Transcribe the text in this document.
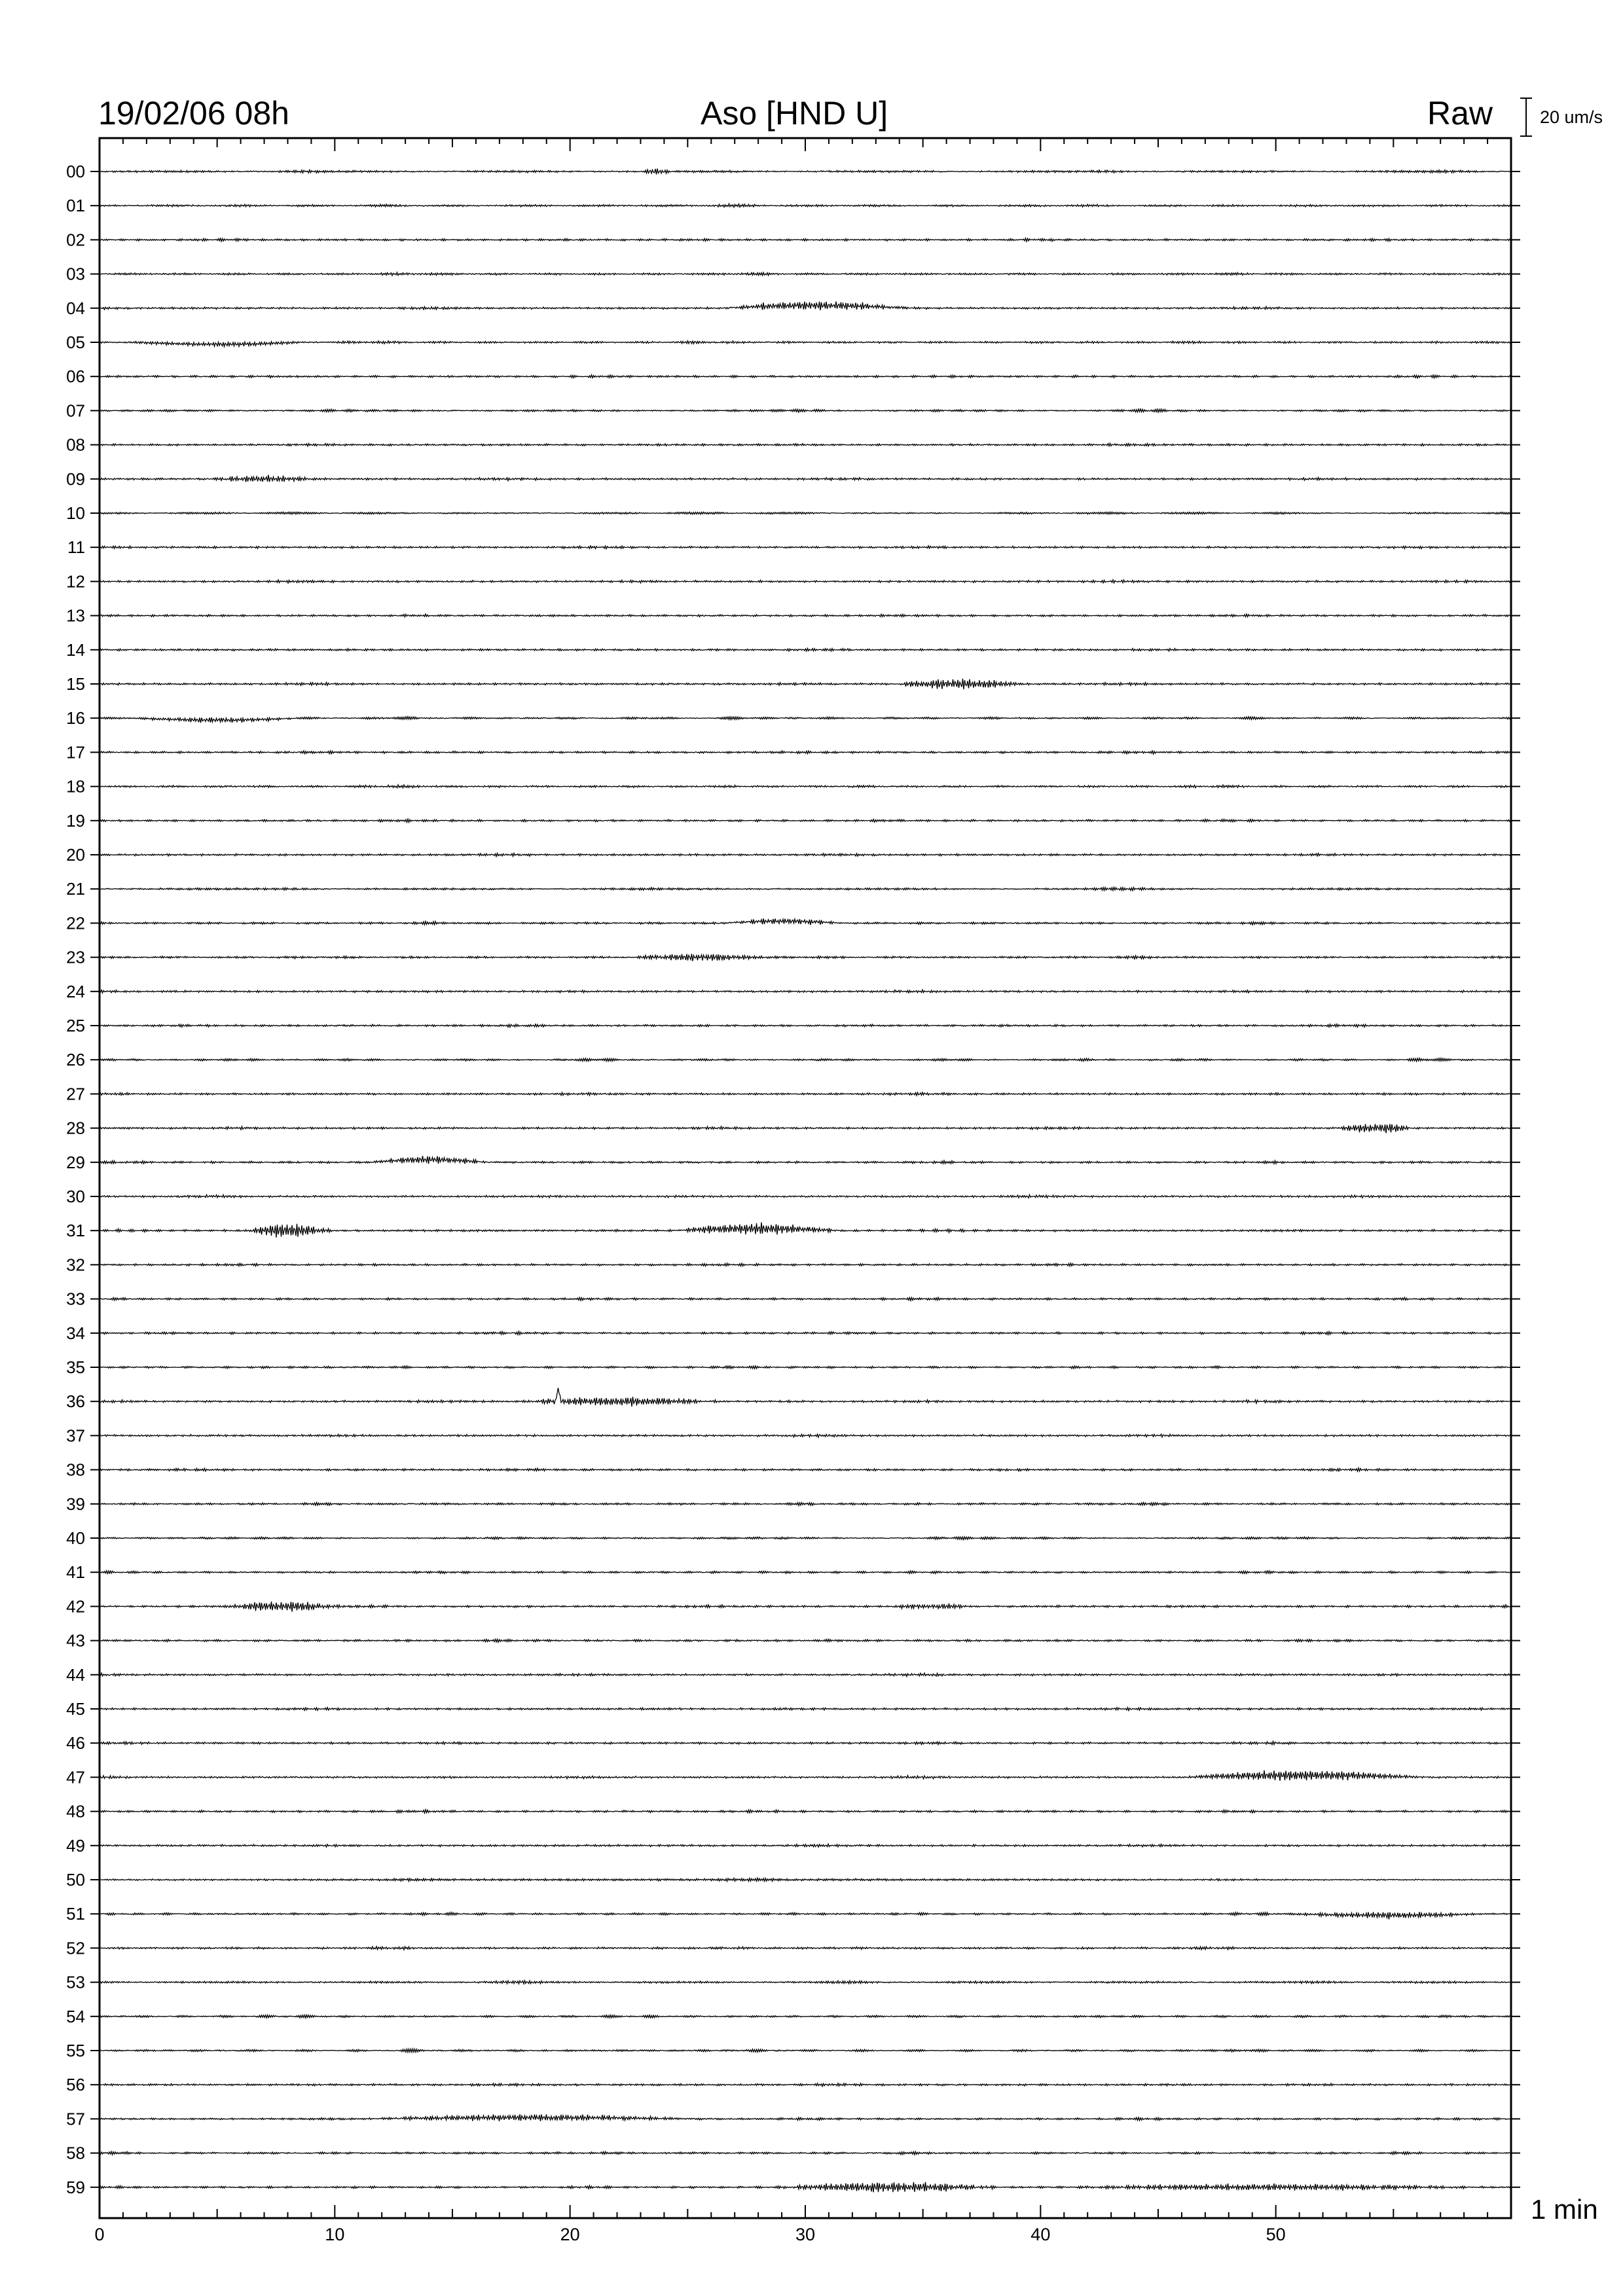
19/02/06 08h	Aso [HND U]	Raw	20 um/s
1 min
0	10	20	30	40	50
00
01
02
03
04
05
06
07
08
09
10
11
12
13
14
15
16
17
18
19
20
21
22
23
24
25
26
27
28
29
30
31
32
33
34
35
36
37
38
39
40
41
42
43
44
45
46
47
48
49
50
51
52
53
54
55
56
57
58
59
